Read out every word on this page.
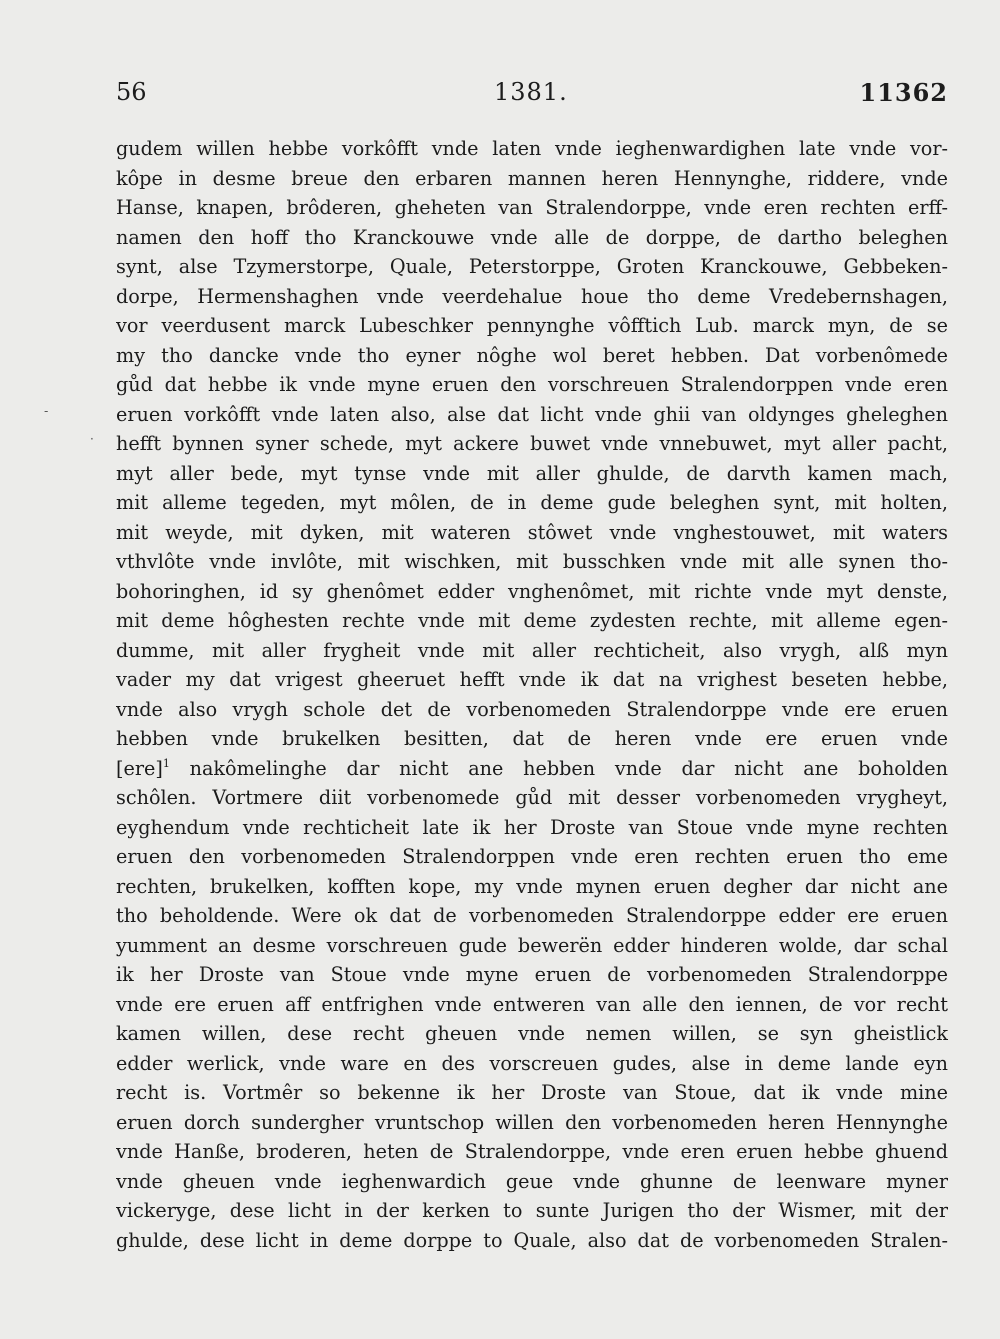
56	1381.	11362
gudem willen hebbe vorkôfft vnde laten vnde ieghenwardighen late vnde vor-
kôpe in desme breue den erbaren mannen heren Hennynghe, riddere, vnde
Hanse, knapen, brôderen, gheheten van Stralendorppe, vnde eren rechten erff-
namen den hoff tho Kranckouwe vnde alle de dorppe, de dartho beleghen
synt, alse Tzymerstorpe, Quale, Peterstorppe, Groten Kranckouwe, Gebbeken-
dorpe, Hermenshaghen vnde veerdehalue houe tho deme Vredebernshagen,
vor veerdusent marck Lubeschker pennynghe vôfftich Lub. marck myn, de se
my tho dancke vnde tho eyner nôghe wol beret hebben. Dat vorbenômede
gůd dat hebbe ik vnde myne eruen den vorschreuen Stralendorppen vnde eren
eruen vorkôfft vnde laten also, alse dat licht vnde ghii van oldynges gheleghen
hefft bynnen syner schede, myt ackere buwet vnde vnnebuwet, myt aller pacht,
myt aller bede, myt tynse vnde mit aller ghulde, de darvth kamen mach,
mit alleme tegeden, myt môlen, de in deme gude beleghen synt, mit holten,
mit weyde, mit dyken, mit wateren stôwet vnde vnghestouwet, mit waters
vthvlôte vnde invlôte, mit wischken, mit busschken vnde mit alle synen tho-
bohoringhen, id sy ghenômet edder vnghenômet, mit richte vnde myt denste,
mit deme hôghesten rechte vnde mit deme zydesten rechte, mit alleme egen-
dumme, mit aller frygheit vnde mit aller rechticheit, also vrygh, alß myn
vader my dat vrigest gheeruet hefft vnde ik dat na vrighest beseten hebbe,
vnde also vrygh schole det de vorbenomeden Stralendorppe vnde ere eruen
hebben vnde brukelken besitten, dat de heren vnde ere eruen vnde
[ere]$^1$ nakômelinghe dar nicht ane hebben vnde dar nicht ane boholden
schôlen. Vortmere diit vorbenomede gůd mit desser vorbenomeden vrygheyt,
eyghendum vnde rechticheit late ik her Droste van Stoue vnde myne rechten
eruen den vorbenomeden Stralendorppen vnde eren rechten eruen tho eme
rechten, brukelken, kofften kope, my vnde mynen eruen degher dar nicht ane
tho beholdende. Were ok dat de vorbenomeden Stralendorppe edder ere eruen
yumment an desme vorschreuen gude bewerën edder hinderen wolde, dar schal
ik her Droste van Stoue vnde myne eruen de vorbenomeden Stralendorppe
vnde ere eruen aff entfrighen vnde entweren van alle den iennen, de vor recht
kamen willen, dese recht gheuen vnde nemen willen, se syn gheistlick
edder werlick, vnde ware en des vorscreuen gudes, alse in deme lande eyn
recht is. Vortmêr so bekenne ik her Droste van Stoue, dat ik vnde mine
eruen dorch sundergher vruntschop willen den vorbenomeden heren Hennynghe
vnde Hanße, broderen, heten de Stralendorppe, vnde eren eruen hebbe ghuend
vnde gheuen vnde ieghenwardich geue vnde ghunne de leenware myner
vickeryge, dese licht in der kerken to sunte Jurigen tho der Wismer, mit der
ghulde, dese licht in deme dorppe to Quale, also dat de vorbenomeden Stralen-
-
·
